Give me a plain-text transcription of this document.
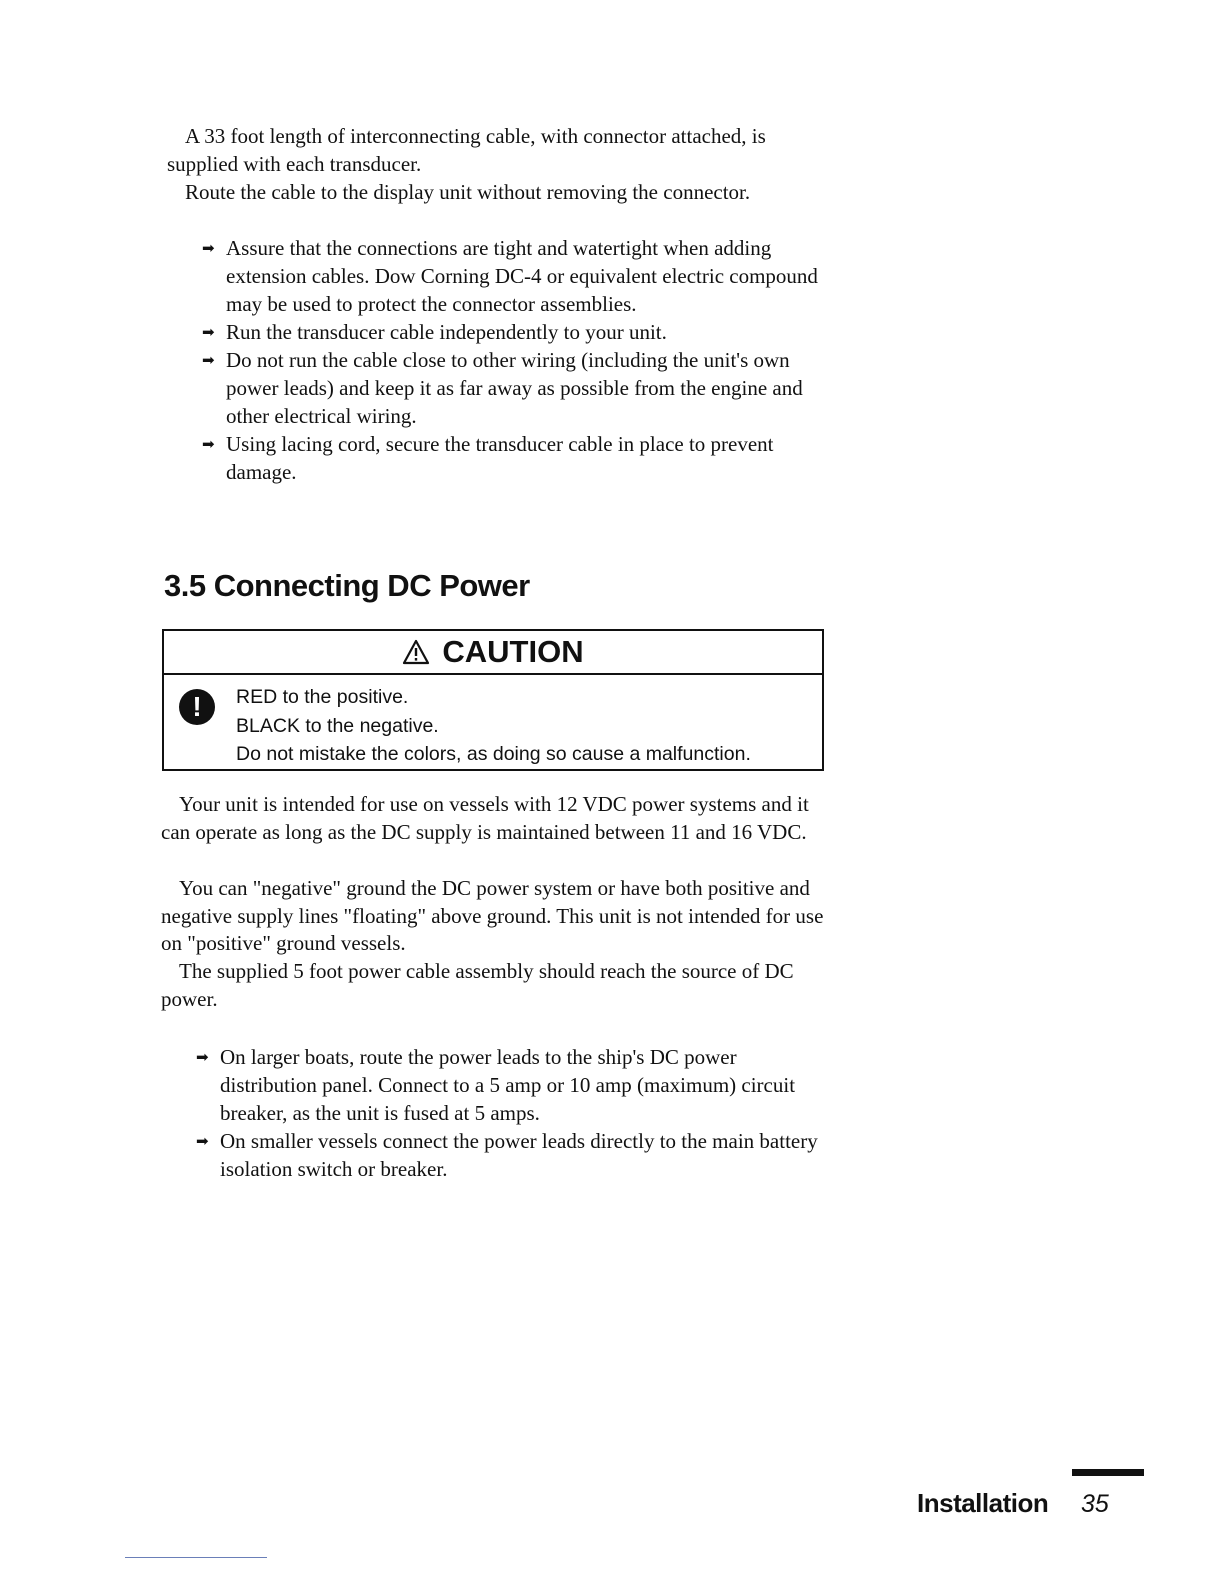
A 33 foot length of interconnecting cable, with connector attached, is supplied with each transducer.

Route the cable to the display unit without removing the connector.

➡ Assure that the connections are tight and watertight when adding extension cables. Dow Corning DC-4 or equivalent electric compound may be used to protect the connector assemblies.
➡ Run the transducer cable independently to your unit.
➡ Do not run the cable close to other wiring (including the unit's own power leads) and keep it as far away as possible from the engine and other electrical wiring.
➡ Using lacing cord, secure the transducer cable in place to prevent damage.
3.5 Connecting DC Power
CAUTION
!	RED to the positive.
BLACK to the negative.
Do not mistake the colors, as doing so cause a malfunction.

Your unit is intended for use on vessels with 12 VDC power systems and it can operate as long as the DC supply is maintained between 11 and 16 VDC.

You can "negative" ground the DC power system or have both positive and negative supply lines "floating" above ground. This unit is not intended for use on "positive" ground vessels.

The supplied 5 foot power cable assembly should reach the source of DC power.

➡ On larger boats, route the power leads to the ship's DC power distribution panel. Connect to a 5 amp or 10 amp (maximum) circuit breaker, as the unit is fused at 5 amps.
➡ On smaller vessels connect the power leads directly to the main battery isolation switch or breaker.
Installation 35
